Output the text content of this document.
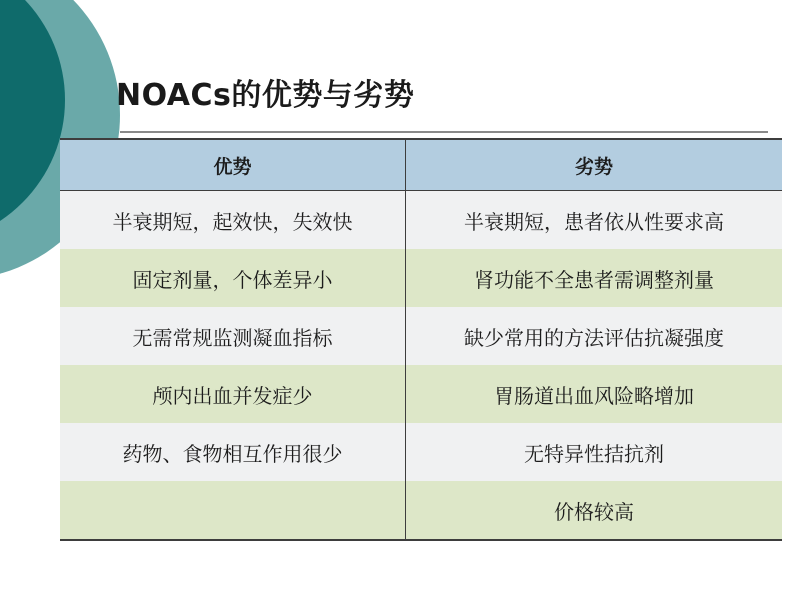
NOACs的优势与劣势
优势	劣势
半衰期短，起效快，失效快	半衰期短，患者依从性要求高
固定剂量，个体差异小	肾功能不全患者需调整剂量
无需常规监测凝血指标	缺少常用的方法评估抗凝强度
颅内出血并发症少	胃肠道出血风险略增加
药物、食物相互作用很少	无特异性拮抗剂
	价格较高
